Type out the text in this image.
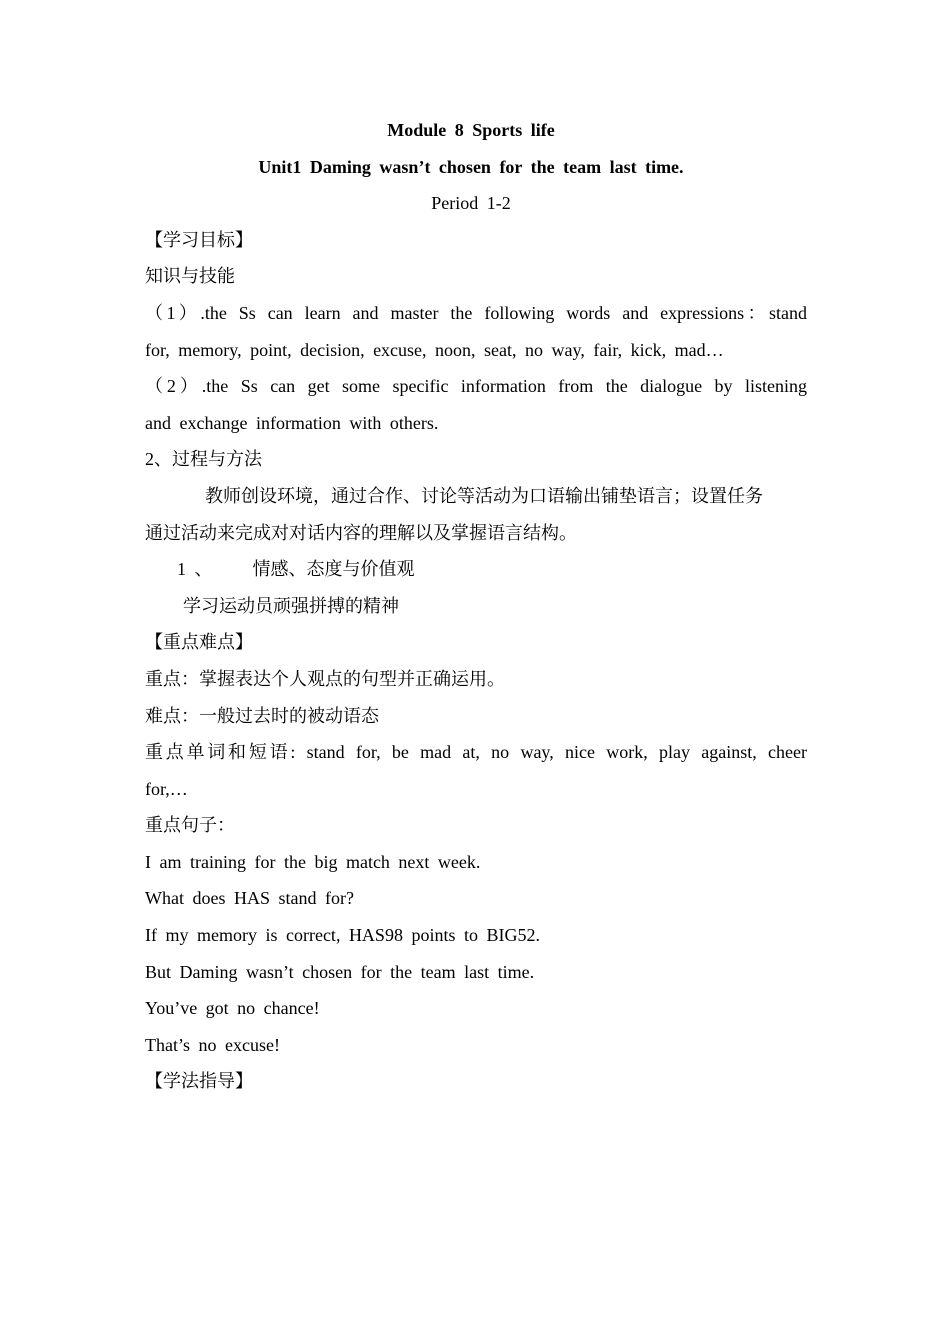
Module 8 Sports life
Unit1 Daming wasn’t chosen for the team last time.
Period 1-2
【学习目标】
知识与技能
（1）.the Ss can learn and master the following words and expressions：stand
for, memory, point, decision, excuse, noon, seat, no way, fair, kick, mad…
（2）.the Ss can get some specific information from the dialogue by listening
and exchange information with others.
2、过程与方法
教师创设环境，通过合作、讨论等活动为口语输出铺垫语言；设置任务
通过活动来完成对对话内容的理解以及掌握语言结构。
1 、 情感、态度与价值观
学习运动员顽强拼搏的精神
【重点难点】
重点：掌握表达个人观点的句型并正确运用。
难点：一般过去时的被动语态
重点单词和短语: stand for, be mad at, no way, nice work, play against, cheer
for,…
重点句子：
I am training for the big match next week.
What does HAS stand for?
If my memory is correct, HAS98 points to BIG52.
But Daming wasn’t chosen for the team last time.
You’ve got no chance!
That’s no excuse!
【学法指导】
